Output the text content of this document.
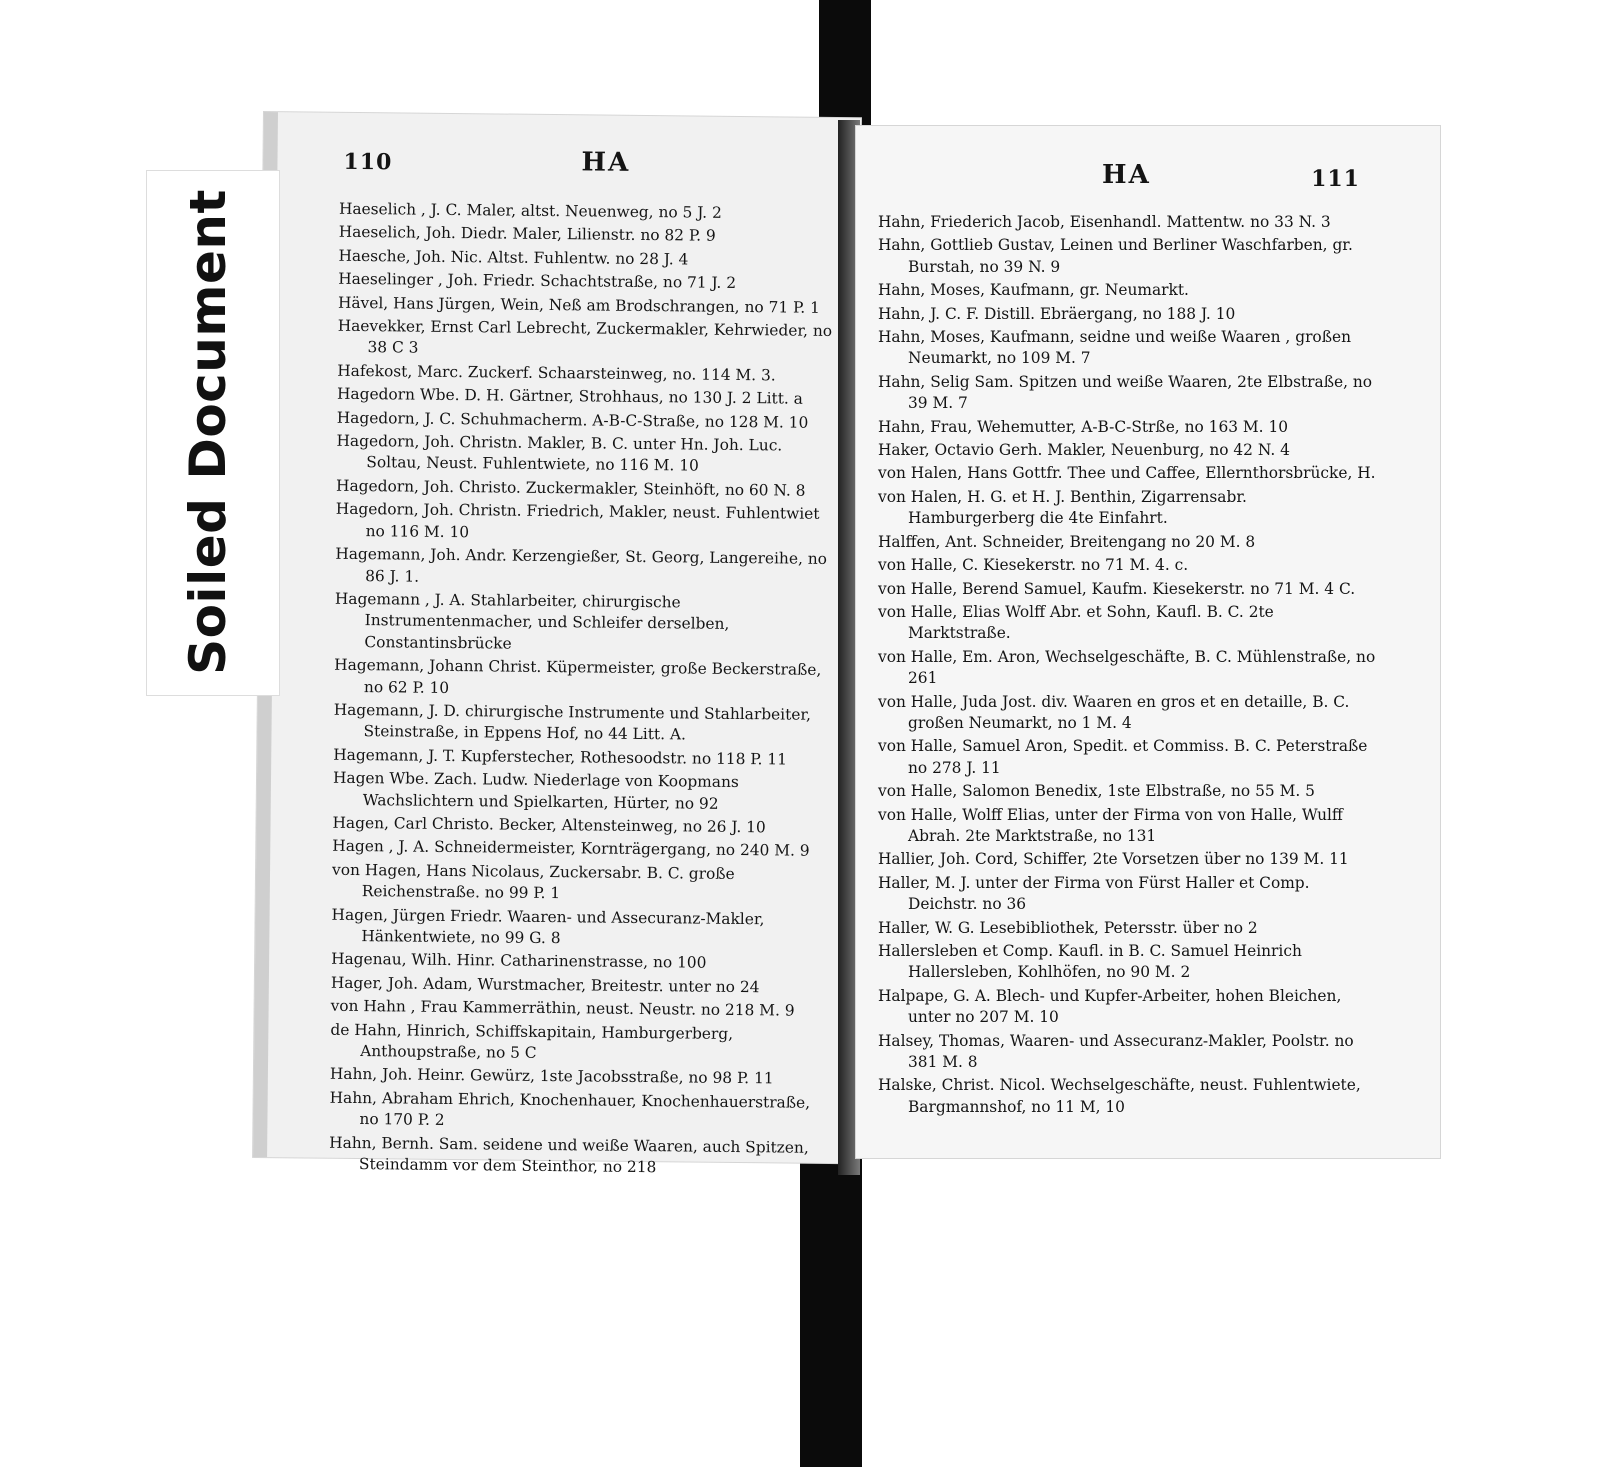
110	HA
Haeselich , J. C. Maler, altst. Neuenweg, no 5 J. 2
Haeselich, Joh. Diedr. Maler, Lilienstr. no 82 P. 9
Haesche, Joh. Nic. Altst. Fuhlentw. no 28 J. 4
Haeselinger , Joh. Friedr. Schachtstraße, no 71 J. 2
Hävel, Hans Jürgen, Wein, Neß am Brodschrangen, no 71 P. 1
Haevekker, Ernst Carl Lebrecht, Zuckermakler, Kehrwieder, no 38 C 3
Hafekost, Marc. Zuckerf. Schaarsteinweg, no. 114 M. 3.
Hagedorn Wbe. D. H. Gärtner, Strohhaus, no 130 J. 2 Litt. a
Hagedorn, J. C. Schuhmacherm. A-B-C-Straße, no 128 M. 10
Hagedorn, Joh. Christn. Makler, B. C. unter Hn. Joh. Luc. Soltau, Neust. Fuhlentwiete, no 116 M. 10
Hagedorn, Joh. Christo. Zuckermakler, Steinhöft, no 60 N. 8
Hagedorn, Joh. Christn. Friedrich, Makler, neust. Fuhlentwiet no 116 M. 10
Hagemann, Joh. Andr. Kerzengießer, St. Georg, Langereihe, no 86 J. 1.
Hagemann , J. A. Stahlarbeiter, chirurgische Instrumentenmacher, und Schleifer derselben, Constantinsbrücke
Hagemann, Johann Christ. Küpermeister, große Beckerstraße, no 62 P. 10
Hagemann, J. D. chirurgische Instrumente und Stahlarbeiter, Steinstraße, in Eppens Hof, no 44 Litt. A.
Hagemann, J. T. Kupferstecher, Rothesoodstr. no 118 P. 11
Hagen Wbe. Zach. Ludw. Niederlage von Koopmans Wachslichtern und Spielkarten, Hürter, no 92
Hagen, Carl Christo. Becker, Altensteinweg, no 26 J. 10
Hagen , J. A. Schneidermeister, Kornträgergang, no 240 M. 9
von Hagen, Hans Nicolaus, Zuckersabr. B. C. große Reichenstraße. no 99 P. 1
Hagen, Jürgen Friedr. Waaren- und Assecuranz-Makler, Hänkentwiete, no 99 G. 8
Hagenau, Wilh. Hinr. Catharinenstrasse, no 100
Hager, Joh. Adam, Wurstmacher, Breitestr. unter no 24
von Hahn , Frau Kammerräthin, neust. Neustr. no 218 M. 9
de Hahn, Hinrich, Schiffskapitain, Hamburgerberg, Anthoupstraße, no 5 C
Hahn, Joh. Heinr. Gewürz, 1ste Jacobsstraße, no 98 P. 11
Hahn, Abraham Ehrich, Knochenhauer, Knochenhauerstraße, no 170 P. 2
Hahn, Bernh. Sam. seidene und weiße Waaren, auch Spitzen, Steindamm vor dem Steinthor, no 218
111
HA
Hahn, Friederich Jacob, Eisenhandl. Mattentw. no 33 N. 3
Hahn, Gottlieb Gustav, Leinen und Berliner Waschfarben, gr. Burstah, no 39 N. 9
Hahn, Moses, Kaufmann, gr. Neumarkt.
Hahn, J. C. F. Distill. Ebräergang, no 188 J. 10
Hahn, Moses, Kaufmann, seidne und weiße Waaren , großen Neumarkt, no 109 M. 7
Hahn, Selig Sam. Spitzen und weiße Waaren, 2te Elbstraße, no 39 M. 7
Hahn, Frau, Wehemutter, A-B-C-Strße, no 163 M. 10
Haker, Octavio Gerh. Makler, Neuenburg, no 42 N. 4
von Halen, Hans Gottfr. Thee und Caffee, Ellernthorsbrücke, H.
von Halen, H. G. et H. J. Benthin, Zigarrensabr. Hamburgerberg die 4te Einfahrt.
Halffen, Ant. Schneider, Breitengang no 20 M. 8
von Halle, C. Kiesekerstr. no 71 M. 4. c.
von Halle, Berend Samuel, Kaufm. Kiesekerstr. no 71 M. 4 C.
von Halle, Elias Wolff Abr. et Sohn, Kaufl. B. C. 2te Marktstraße.
von Halle, Em. Aron, Wechselgeschäfte, B. C. Mühlenstraße, no 261
von Halle, Juda Jost. div. Waaren en gros et en detaille, B. C. großen Neumarkt, no 1 M. 4
von Halle, Samuel Aron, Spedit. et Commiss. B. C. Peterstraße no 278 J. 11
von Halle, Salomon Benedix, 1ste Elbstraße, no 55 M. 5
von Halle, Wolff Elias, unter der Firma von von Halle, Wulff Abrah. 2te Marktstraße, no 131
Hallier, Joh. Cord, Schiffer, 2te Vorsetzen über no 139 M. 11
Haller, M. J. unter der Firma von Fürst Haller et Comp. Deichstr. no 36
Haller, W. G. Lesebibliothek, Petersstr. über no 2
Hallersleben et Comp. Kaufl. in B. C. Samuel Heinrich Hallersleben, Kohlhöfen, no 90 M. 2
Halpape, G. A. Blech- und Kupfer-Arbeiter, hohen Bleichen, unter no 207 M. 10
Halsey, Thomas, Waaren- und Assecuranz-Makler, Poolstr. no 381 M. 8
Halske, Christ. Nicol. Wechselgeschäfte, neust. Fuhlentwiete, Bargmannshof, no 11 M, 10
Soiled Document
